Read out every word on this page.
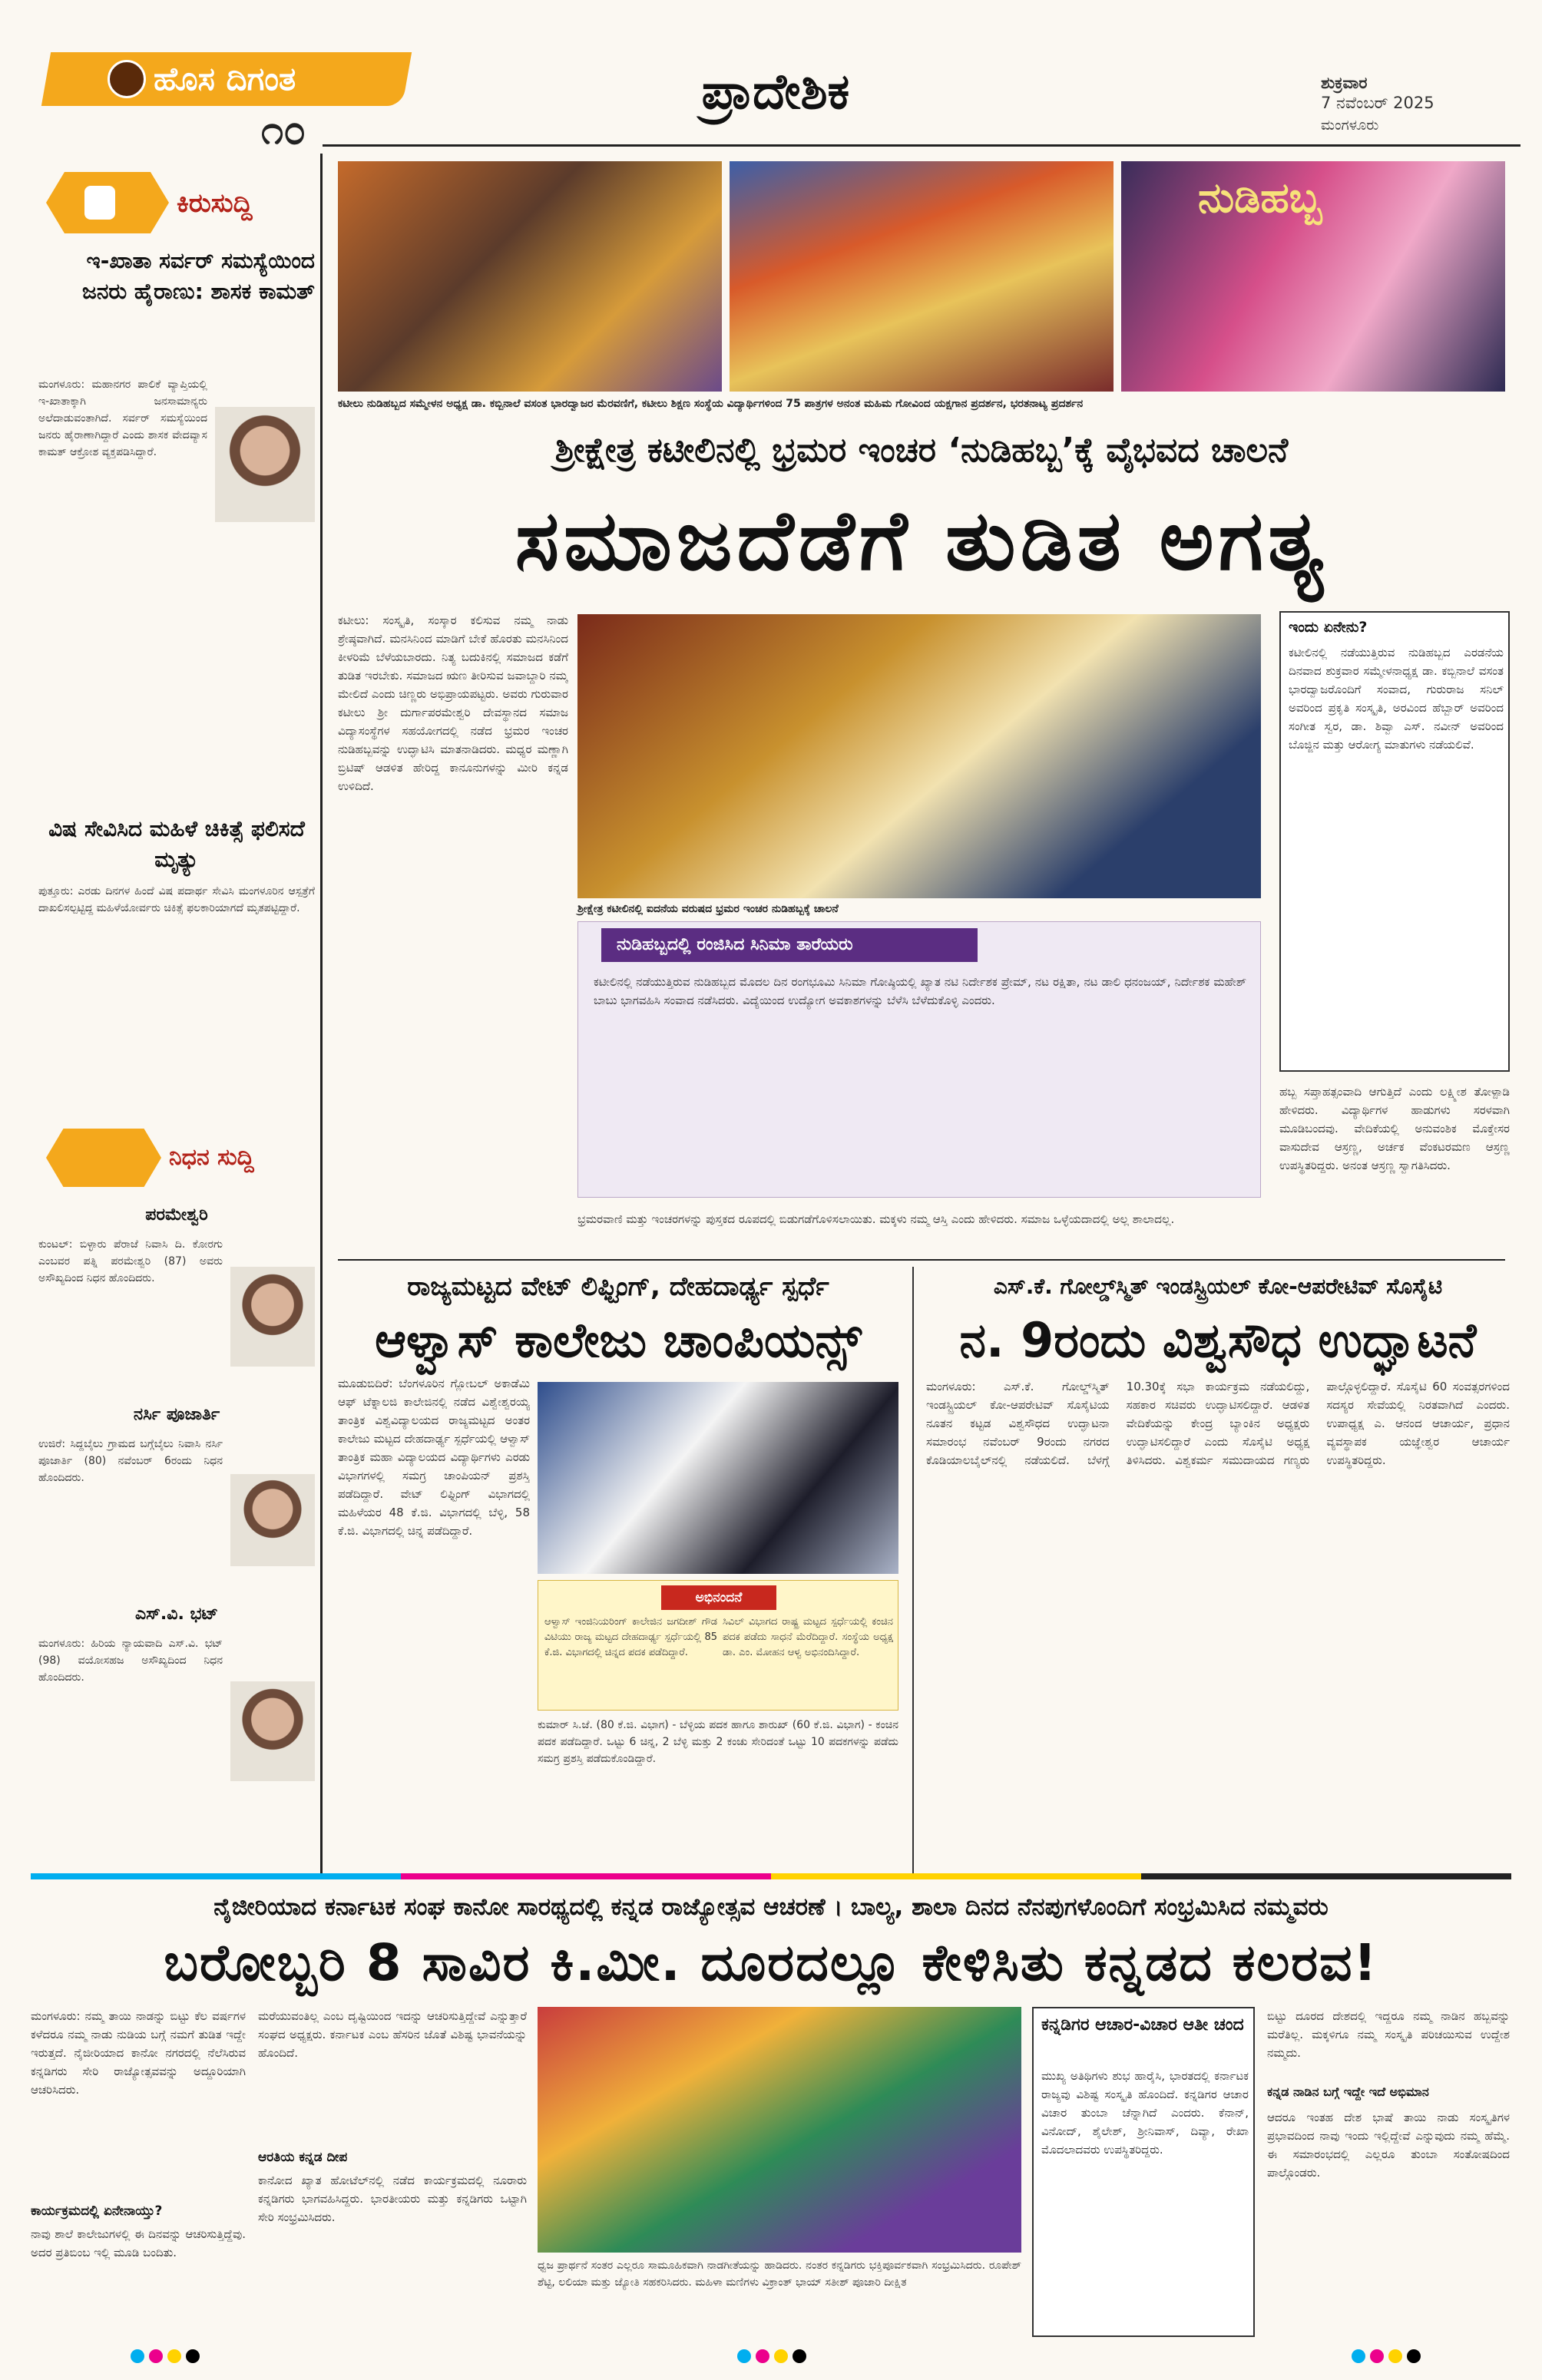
ಹೊಸ ದಿಗಂತ
೧೦
ಪ್ರಾದೇಶಿಕ	ಶುಕ್ರವಾರ
7 ನವೆಂಬರ್ 2025
ಮಂಗಳೂರು
ಕಿರುಸುದ್ದಿ
ಇ-ಖಾತಾ ಸರ್ವರ್ ಸಮಸ್ಯೆಯಿಂದ ಜನರು ಹೈರಾಣು: ಶಾಸಕ ಕಾಮತ್
ಮಂಗಳೂರು: ಮಹಾನಗರ ಪಾಲಿಕೆ ವ್ಯಾಪ್ತಿಯಲ್ಲಿ ಇ-ಖಾತಾಕ್ಕಾಗಿ ಜನಸಾಮಾನ್ಯರು ಅಲೆದಾಡುವಂತಾಗಿದೆ. ಸರ್ವರ್ ಸಮಸ್ಯೆಯಿಂದ ಜನರು ಹೈರಾಣಾಗಿದ್ದಾರೆ ಎಂದು ಶಾಸಕ ವೇದವ್ಯಾಸ ಕಾಮತ್ ಆಕ್ರೋಶ ವ್ಯಕ್ತಪಡಿಸಿದ್ದಾರೆ.
ವಿಷ ಸೇವಿಸಿದ ಮಹಿಳೆ ಚಿಕಿತ್ಸೆ ಫಲಿಸದೆ ಮೃತ್ಯು
ಪುತ್ತೂರು: ಎರಡು ದಿನಗಳ ಹಿಂದೆ ವಿಷ ಪದಾರ್ಥ ಸೇವಿಸಿ ಮಂಗಳೂರಿನ ಆಸ್ಪತ್ರೆಗೆ ದಾಖಲಿಸಲ್ಪಟ್ಟಿದ್ದ ಮಹಿಳೆಯೋರ್ವರು ಚಿಕಿತ್ಸೆ ಫಲಕಾರಿಯಾಗದೆ ಮೃತಪಟ್ಟಿದ್ದಾರೆ.
ನಿಧನ ಸುದ್ದಿ
ಪರಮೇಶ್ವರಿ
ಕುಂಟಲ್: ಬಿಳ್ಳಾರು ಪೆರಾಜೆ ನಿವಾಸಿ ದಿ. ಕೋರಗು ಎಂಬವರ ಪತ್ನಿ ಪರಮೇಶ್ವರಿ (87) ಅವರು ಅಸೌಖ್ಯದಿಂದ ನಿಧನ ಹೊಂದಿದರು.
ನರ್ಸಿ ಪೂಜಾರ್ತಿ
ಉಜಿರೆ: ಸಿದ್ದಬೈಲು ಗ್ರಾಮದ ಬಗ್ಗೆಬೈಲು ನಿವಾಸಿ ನರ್ಸಿ ಪೂಜಾರ್ತಿ (80) ನವೆಂಬರ್ 6ರಂದು ನಿಧನ ಹೊಂದಿದರು.
ಎಸ್.ವಿ. ಭಟ್
ಮಂಗಳೂರು: ಹಿರಿಯ ನ್ಯಾಯವಾದಿ ಎಸ್.ವಿ. ಭಟ್ (98) ವಯೋಸಹಜ ಅಸೌಖ್ಯದಿಂದ ನಿಧನ ಹೊಂದಿದರು.
ನುಡಿಹಬ್ಬ
ಕಟೀಲು ನುಡಿಹಬ್ಬದ ಸಮ್ಮೇಳನ ಅಧ್ಯಕ್ಷ ಡಾ. ಕಬ್ಬಿನಾಲೆ ವಸಂತ ಭಾರದ್ವಾಜರ ಮೆರವಣಿಗೆ, ಕಟೀಲು ಶಿಕ್ಷಣ ಸಂಸ್ಥೆಯ ವಿದ್ಯಾರ್ಥಿಗಳಿಂದ 75 ಪಾತ್ರಗಳ ಅನಂತ ಮಹಿಮ ಗೋವಿಂದ ಯಕ್ಷಗಾನ ಪ್ರದರ್ಶನ, ಭರತನಾಟ್ಯ ಪ್ರದರ್ಶನ
ಶ್ರೀಕ್ಷೇತ್ರ ಕಟೀಲಿನಲ್ಲಿ ಭ್ರಮರ ಇಂಚರ ‘ನುಡಿಹಬ್ಬ’ಕ್ಕೆ ವೈಭವದ ಚಾಲನೆ
ಸಮಾಜದೆಡೆಗೆ ತುಡಿತ ಅಗತ್ಯ
ಕಟೀಲು: ಸಂಸ್ಕೃತಿ, ಸಂಸ್ಕಾರ ಕಲಿಸುವ ನಮ್ಮ ನಾಡು ಶ್ರೇಷ್ಠವಾಗಿದೆ. ಮನಸಿನಿಂದ ಮಾಡಿಗೆ ಬೇಕೆ ಹೊರತು ಮನಸಿನಿಂದ ಕೀಳರಿಮೆ ಬೆಳೆಯಬಾರದು. ನಿತ್ಯ ಬದುಕಿನಲ್ಲಿ ಸಮಾಜದ ಕಡೆಗೆ ತುಡಿತ ಇರಬೇಕು. ಸಮಾಜದ ಋಣ ತೀರಿಸುವ ಜವಾಬ್ದಾರಿ ನಮ್ಮ ಮೇಲಿದೆ ಎಂದು ಚಿಣ್ಣರು ಅಭಿಪ್ರಾಯಪಟ್ಟರು. ಅವರು ಗುರುವಾರ ಕಟೀಲು ಶ್ರೀ ದುರ್ಗಾಪರಮೇಶ್ವರಿ ದೇವಸ್ಥಾನದ ಸಮಾಜ ವಿದ್ಯಾಸಂಸ್ಥೆಗಳ ಸಹಯೋಗದಲ್ಲಿ ನಡೆದ ಭ್ರಮರ ಇಂಚರ ನುಡಿಹಬ್ಬವನ್ನು ಉದ್ಘಾಟಿಸಿ ಮಾತನಾಡಿದರು. ಮಧ್ಯರ ಮಣ್ಣಾಗಿ ಬ್ರಿಟಿಷ್ ಆಡಳಿತ ಹೇರಿದ್ದ ಕಾನೂನುಗಳನ್ನು ಮೀರಿ ಕನ್ನಡ ಉಳಿದಿದೆ.
ಶ್ರೀಕ್ಷೇತ್ರ ಕಟೀಲಿನಲ್ಲಿ ಐದನೆಯ ವರುಷದ ಭ್ರಮರ ಇಂಚರ ನುಡಿಹಬ್ಬಕ್ಕೆ ಚಾಲನೆ
ನುಡಿಹಬ್ಬದಲ್ಲಿ ರಂಜಿಸಿದ ಸಿನಿಮಾ ತಾರೆಯರು
ಕಟೀಲಿನಲ್ಲಿ ನಡೆಯುತ್ತಿರುವ ನುಡಿಹಬ್ಬದ ಮೊದಲ ದಿನ ರಂಗಭೂಮಿ ಸಿನಿಮಾ ಗೋಷ್ಠಿಯಲ್ಲಿ ಖ್ಯಾತ ನಟಿ ನಿರ್ದೇಶಕ ಪ್ರೇಮ್, ನಟ ರಕ್ಷಿತಾ, ನಟ ಡಾಲಿ ಧನಂಜಯ್, ನಿರ್ದೇಶಕ ಮಹೇಶ್ ಬಾಬು ಭಾಗವಹಿಸಿ ಸಂವಾದ ನಡೆಸಿದರು. ವಿದ್ಯೆಯಿಂದ ಉದ್ಯೋಗ ಅವಕಾಶಗಳನ್ನು ಬೆಳೆಸಿ ಬೆಳೆದುಕೊಳ್ಳಿ ಎಂದರು.
ಭ್ರಮರವಾಣಿ ಮತ್ತು ಇಂಚರಗಳನ್ನು ಪುಸ್ತಕದ ರೂಪದಲ್ಲಿ ಬಿಡುಗಡೆಗೊಳಿಸಲಾಯಿತು. ಮಕ್ಕಳು ನಮ್ಮ ಆಸ್ತಿ ಎಂದು ಹೇಳಿದರು. ಸಮಾಜ ಒಳ್ಳೆಯದಾದಲ್ಲಿ ಅಲ್ಲ ಶಾಲಾದಲ್ಲ.
ಇಂದು ಏನೇನು?
ಕಟೀಲಿನಲ್ಲಿ ನಡೆಯುತ್ತಿರುವ ನುಡಿಹಬ್ಬದ ಎರಡನೆಯ ದಿನವಾದ ಶುಕ್ರವಾರ ಸಮ್ಮೇಳನಾಧ್ಯಕ್ಷ ಡಾ. ಕಬ್ಬಿನಾಲೆ ವಸಂತ ಭಾರದ್ವಾಜರೊಂದಿಗೆ ಸಂವಾದ, ಗುರುರಾಜ ಸನಿಲ್ ಅವರಿಂದ ಪ್ರಕೃತಿ ಸಂಸ್ಕೃತಿ, ಅರವಿಂದ ಹೆಬ್ಬಾರ್ ಅವರಿಂದ ಸಂಗೀತ ಸ್ವರ, ಡಾ. ಶಿವ್ವಾ ಎಸ್. ನವೀನ್ ಅವರಿಂದ ಬೊಜ್ಜಿನ ಮತ್ತು ಆರೋಗ್ಯ ಮಾತುಗಳು ನಡೆಯಲಿವೆ.
ಹಬ್ಬ ಸಪ್ತಾಹತ್ಸಂವಾದಿ ಆಗುತ್ತಿದೆ ಎಂದು ಲಕ್ಷ್ಮೀಶ ತೋಳ್ಪಾಡಿ ಹೇಳಿದರು. ವಿದ್ಯಾರ್ಥಿಗಳ ಹಾಡುಗಳು ಸರಳವಾಗಿ ಮೂಡಿಬಂದವು. ವೇದಿಕೆಯಲ್ಲಿ ಅನುವಂಶಿಕ ಮೊಕ್ತೇಸರ ವಾಸುದೇವ ಆಸ್ರಣ್ಣ, ಅರ್ಚಕ ವೆಂಕಟರಮಣ ಆಸ್ರಣ್ಣ ಉಪಸ್ಥಿತರಿದ್ದರು. ಅನಂತ ಆಸ್ರಣ್ಣ ಸ್ವಾಗತಿಸಿದರು.
ರಾಜ್ಯಮಟ್ಟದ ವೇಟ್ ಲಿಫ್ಟಿಂಗ್, ದೇಹದಾರ್ಢ್ಯ ಸ್ಪರ್ಧೆ
ಆಳ್ವಾಸ್ ಕಾಲೇಜು ಚಾಂಪಿಯನ್ಸ್
ಮೂಡುಬಿದಿರೆ: ಬೆಂಗಳೂರಿನ ಗ್ಲೋಬಲ್ ಅಕಾಡೆಮಿ ಆಫ್ ಟೆಕ್ನಾಲಜಿ ಕಾಲೇಜಿನಲ್ಲಿ ನಡೆದ ವಿಶ್ವೇಶ್ವರಯ್ಯ ತಾಂತ್ರಿಕ ವಿಶ್ವವಿದ್ಯಾಲಯದ ರಾಜ್ಯಮಟ್ಟದ ಅಂತರ ಕಾಲೇಜು ಮಟ್ಟದ ದೇಹದಾರ್ಢ್ಯ ಸ್ಪರ್ಧೆಯಲ್ಲಿ ಆಳ್ವಾಸ್ ತಾಂತ್ರಿಕ ಮಹಾ ವಿದ್ಯಾಲಯದ ವಿದ್ಯಾರ್ಥಿಗಳು ಎರಡು ವಿಭಾಗಗಳಲ್ಲಿ ಸಮಗ್ರ ಚಾಂಪಿಯನ್ ಪ್ರಶಸ್ತಿ ಪಡೆದಿದ್ದಾರೆ. ವೇಟ್ ಲಿಫ್ಟಿಂಗ್ ವಿಭಾಗದಲ್ಲಿ ಮಹಿಳೆಯರ 48 ಕೆ.ಜಿ. ವಿಭಾಗದಲ್ಲಿ ಬೆಳ್ಳಿ, 58 ಕೆ.ಜಿ. ವಿಭಾಗದಲ್ಲಿ ಚಿನ್ನ ಪಡೆದಿದ್ದಾರೆ.
ಅಭಿನಂದನೆ
ಆಳ್ವಾಸ್ ಇಂಜಿನಿಯರಿಂಗ್ ಕಾಲೇಜಿನ ಜಗದೀಶ್ ಗೌಡ ವಿಟಿಯು ರಾಜ್ಯ ಮಟ್ಟದ ದೇಹದಾರ್ಢ್ಯ ಸ್ಪರ್ಧೆಯಲ್ಲಿ 85 ಕೆ.ಜಿ. ವಿಭಾಗದಲ್ಲಿ ಚಿನ್ನದ ಪದಕ ಪಡೆದಿದ್ದಾರೆ.
ಸಿವಿಲ್ ವಿಭಾಗದ ರಾಷ್ಟ್ರ ಮಟ್ಟದ ಸ್ಪರ್ಧೆಯಲ್ಲಿ ಕಂಚಿನ ಪದಕ ಪಡೆದು ಸಾಧನೆ ಮೆರೆದಿದ್ದಾರೆ. ಸಂಸ್ಥೆಯ ಅಧ್ಯಕ್ಷ ಡಾ. ಎಂ. ಮೋಹನ ಆಳ್ವ ಅಭಿನಂದಿಸಿದ್ದಾರೆ.
ಕುಮಾರ್ ಸಿ.ಜೆ. (80 ಕೆ.ಜಿ. ವಿಭಾಗ) - ಬೆಳ್ಳಿಯ ಪದಕ ಹಾಗೂ ಶಾರುಖ್ (60 ಕೆ.ಜಿ. ವಿಭಾಗ) - ಕಂಚಿನ ಪದಕ ಪಡೆದಿದ್ದಾರೆ. ಒಟ್ಟು 6 ಚಿನ್ನ, 2 ಬೆಳ್ಳಿ ಮತ್ತು 2 ಕಂಚು ಸೇರಿದಂತೆ ಒಟ್ಟು 10 ಪದಕಗಳನ್ನು ಪಡೆದು ಸಮಗ್ರ ಪ್ರಶಸ್ತಿ ಪಡೆದುಕೊಂಡಿದ್ದಾರೆ.
ಎಸ್.ಕೆ. ಗೋಲ್ಡ್‌ಸ್ಮಿತ್ ಇಂಡಸ್ಟ್ರಿಯಲ್ ಕೋ-ಆಪರೇಟಿವ್ ಸೊಸೈಟಿ
ನ. 9ರಂದು ವಿಶ್ವಸೌಧ ಉದ್ಘಾಟನೆ
ಮಂಗಳೂರು: ಎಸ್.ಕೆ. ಗೋಲ್ಡ್‌ಸ್ಮಿತ್ ಇಂಡಸ್ಟ್ರಿಯಲ್ ಕೋ-ಆಪರೇಟಿವ್ ಸೊಸೈಟಿಯ ನೂತನ ಕಟ್ಟಡ ವಿಶ್ವಸೌಧದ ಉದ್ಘಾಟನಾ ಸಮಾರಂಭ ನವೆಂಬರ್ 9ರಂದು ನಗರದ ಕೊಡಿಯಾಲಬೈಲ್‌ನಲ್ಲಿ ನಡೆಯಲಿದೆ. ಬೆಳಗ್ಗೆ 10.30ಕ್ಕೆ ಸಭಾ ಕಾರ್ಯಕ್ರಮ ನಡೆಯಲಿದ್ದು, ಸಹಕಾರ ಸಚಿವರು ಉದ್ಘಾಟಿಸಲಿದ್ದಾರೆ. ಆಡಳಿತ ವೇದಿಕೆಯನ್ನು ಕೇಂದ್ರ ಬ್ಯಾಂಕಿನ ಅಧ್ಯಕ್ಷರು ಉದ್ಘಾಟಿಸಲಿದ್ದಾರೆ ಎಂದು ಸೊಸೈಟಿ ಅಧ್ಯಕ್ಷ ತಿಳಿಸಿದರು. ವಿಶ್ವಕರ್ಮ ಸಮುದಾಯದ ಗಣ್ಯರು ಪಾಲ್ಗೊಳ್ಳಲಿದ್ದಾರೆ. ಸೊಸೈಟಿ 60 ಸಂವತ್ಸರಗಳಿಂದ ಸದಸ್ಯರ ಸೇವೆಯಲ್ಲಿ ನಿರತವಾಗಿದೆ ಎಂದರು. ಉಪಾಧ್ಯಕ್ಷ ಎ. ಆನಂದ ಆಚಾರ್ಯ, ಪ್ರಧಾನ ವ್ಯವಸ್ಥಾಪಕ ಯಜ್ಞೇಶ್ವರ ಆಚಾರ್ಯ ಉಪಸ್ಥಿತರಿದ್ದರು.
ನೈಜೀರಿಯಾದ ಕರ್ನಾಟಕ ಸಂಘ ಕಾನೋ ಸಾರಥ್ಯದಲ್ಲಿ ಕನ್ನಡ ರಾಜ್ಯೋತ್ಸವ ಆಚರಣೆ । ಬಾಲ್ಯ, ಶಾಲಾ ದಿನದ ನೆನಪುಗಳೊಂದಿಗೆ ಸಂಭ್ರಮಿಸಿದ ನಮ್ಮವರು
ಬರೋಬ್ಬರಿ 8 ಸಾವಿರ ಕಿ.ಮೀ. ದೂರದಲ್ಲೂ ಕೇಳಿಸಿತು ಕನ್ನಡದ ಕಲರವ!
ಮಂಗಳೂರು: ನಮ್ಮ ತಾಯಿ ನಾಡನ್ನು ಬಿಟ್ಟು ಕೆಲ ವರ್ಷಗಳ ಕಳೆದರೂ ನಮ್ಮ ನಾಡು ನುಡಿಯ ಬಗ್ಗೆ ನಮಗೆ ತುಡಿತ ಇದ್ದೇ ಇರುತ್ತದೆ. ನೈಜೀರಿಯಾದ ಕಾನೋ ನಗರದಲ್ಲಿ ನೆಲೆಸಿರುವ ಕನ್ನಡಿಗರು ಸೇರಿ ರಾಜ್ಯೋತ್ಸವವನ್ನು ಅದ್ದೂರಿಯಾಗಿ ಆಚರಿಸಿದರು.
ಕಾರ್ಯಕ್ರಮದಲ್ಲಿ ಏನೇನಾಯ್ತು?
ನಾವು ಶಾಲೆ ಕಾಲೇಜುಗಳಲ್ಲಿ ಈ ದಿನವನ್ನು ಆಚರಿಸುತ್ತಿದ್ದೆವು. ಅದರ ಪ್ರತಿಬಿಂಬ ಇಲ್ಲಿ ಮೂಡಿ ಬಂದಿತು.
ಮರೆಯುವಂತಿಲ್ಲ ಎಂಬ ದೃಷ್ಟಿಯಿಂದ ಇದನ್ನು ಆಚರಿಸುತ್ತಿದ್ದೇವೆ ಎನ್ನುತ್ತಾರೆ ಸಂಘದ ಅಧ್ಯಕ್ಷರು. ಕರ್ನಾಟಕ ಎಂಬ ಹೆಸರಿನ ಜೊತೆ ವಿಶಿಷ್ಟ ಭಾವನೆಯನ್ನು ಹೊಂದಿದೆ.
ಆರತಿಯ ಕನ್ನಡ ದೀಪ
ಕಾನೋದ ಖ್ಯಾತ ಹೋಟೆಲ್‌ನಲ್ಲಿ ನಡೆದ ಕಾರ್ಯಕ್ರಮದಲ್ಲಿ ನೂರಾರು ಕನ್ನಡಿಗರು ಭಾಗವಹಿಸಿದ್ದರು. ಭಾರತೀಯರು ಮತ್ತು ಕನ್ನಡಿಗರು ಒಟ್ಟಾಗಿ ಸೇರಿ ಸಂಭ್ರಮಿಸಿದರು.
ಧ್ವಜ ಪ್ರಾರ್ಥನೆ ಸಂತರ ಎಲ್ಲರೂ ಸಾಮೂಹಿಕವಾಗಿ ನಾಡಗೀತೆಯನ್ನು ಹಾಡಿದರು. ನಂತರ ಕನ್ನಡಿಗರು ಭಕ್ತಿಪೂರ್ವಕವಾಗಿ ಸಂಭ್ರಮಿಸಿದರು. ರೂಪೇಶ್ ಶೆಟ್ಟಿ, ಲಲಿಯಾ ಮತ್ತು ಜ್ಯೋತಿ ಸಹಕರಿಸಿದರು. ಮಹಿಳಾ ಮಣಿಗಳು ವಿಕ್ರಾಂತ್ ಭಾಯ್ ಸತೀಶ್ ಪೂಜಾರಿ ದೀಕ್ಷಿತ
ಕನ್ನಡಿಗರ ಆಚಾರ-ವಿಚಾರ ಆತೀ ಚಂದ
ಮುಖ್ಯ ಅತಿಥಿಗಳು ಶುಭ ಹಾರೈಸಿ, ಭಾರತದಲ್ಲಿ ಕರ್ನಾಟಕ ರಾಜ್ಯವು ವಿಶಿಷ್ಟ ಸಂಸ್ಕೃತಿ ಹೊಂದಿದೆ. ಕನ್ನಡಿಗರ ಆಚಾರ ವಿಚಾರ ತುಂಬಾ ಚೆನ್ನಾಗಿದೆ ಎಂದರು. ಕೆನಾನ್, ವಿನೋದ್, ಶೈಲೇಶ್, ಶ್ರೀನಿವಾಸ್, ದಿವ್ಯಾ, ರೇಖಾ ಮೊದಲಾದವರು ಉಪಸ್ಥಿತರಿದ್ದರು.
ಬಿಟ್ಟು ದೂರದ ದೇಶದಲ್ಲಿ ಇದ್ದರೂ ನಮ್ಮ ನಾಡಿನ ಹಬ್ಬವನ್ನು ಮರೆತಿಲ್ಲ. ಮಕ್ಕಳಿಗೂ ನಮ್ಮ ಸಂಸ್ಕೃತಿ ಪರಿಚಯಿಸುವ ಉದ್ದೇಶ ನಮ್ಮದು.
ಕನ್ನಡ ನಾಡಿನ ಬಗ್ಗೆ ಇದ್ದೇ ಇದೆ ಅಭಿಮಾನ
ಆದರೂ ಇಂತಹ ದೇಶ ಭಾಷೆ ತಾಯಿ ನಾಡು ಸಂಸ್ಕೃತಿಗಳ ಪ್ರಭಾವದಿಂದ ನಾವು ಇಂದು ಇಲ್ಲಿದ್ದೇವೆ ಎನ್ನುವುದು ನಮ್ಮ ಹೆಮ್ಮೆ. ಈ ಸಮಾರಂಭದಲ್ಲಿ ಎಲ್ಲರೂ ತುಂಬಾ ಸಂತೋಷದಿಂದ ಪಾಲ್ಗೊಂಡರು.
